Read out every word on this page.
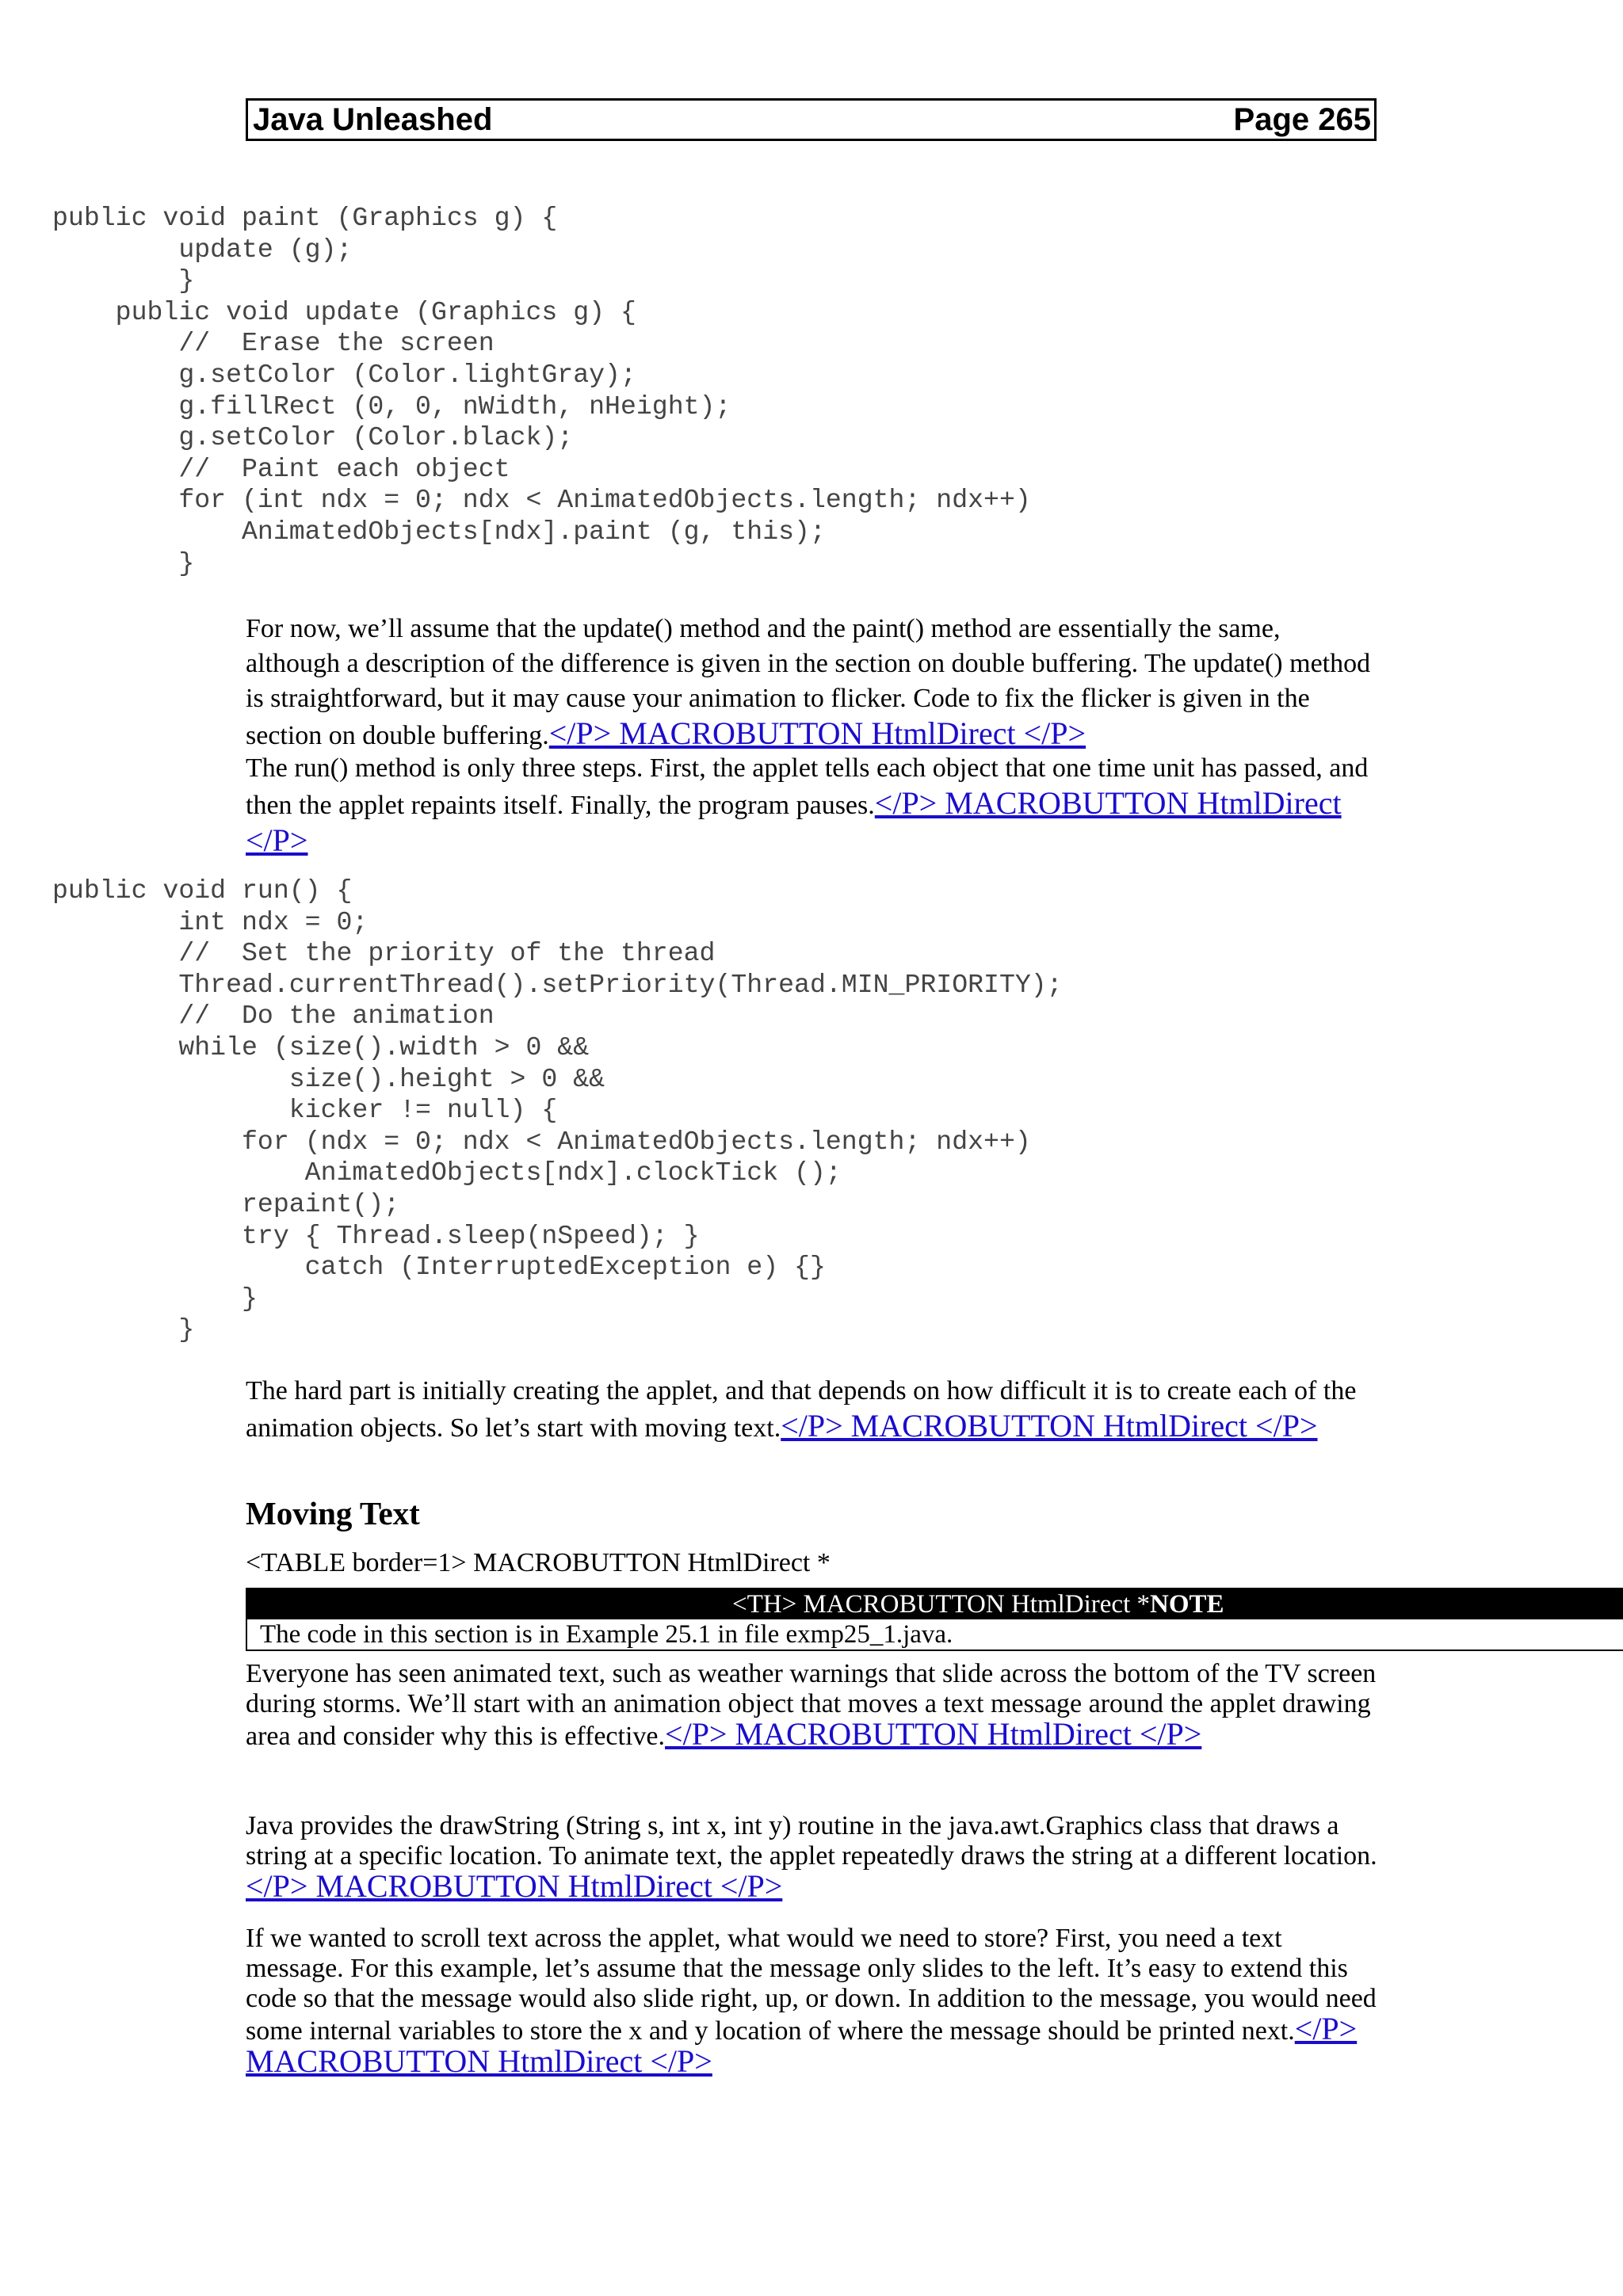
Java Unleashed	Page 265
public void paint (Graphics g) {
update (g);
}
public void update (Graphics g) {
//  Erase the screen
g.setColor (Color.lightGray);
g.fillRect (0, 0, nWidth, nHeight);
g.setColor (Color.black);
//  Paint each object
for (int ndx = 0; ndx < AnimatedObjects.length; ndx++)
AnimatedObjects[ndx].paint (g, this);
}

For now, we’ll assume that the update() method and the paint() method are essentially the same, although a description of the difference is given in the section on double buffering. The update() method is straightforward, but it may cause your animation to flicker. Code to fix the flicker is given in the section on double buffering.</P> MACROBUTTON HtmlDirect </P>

The run() method is only three steps. First, the applet tells each object that one time unit has passed, and then the applet repaints itself. Finally, the program pauses.</P> MACROBUTTON HtmlDirect </P>

public void run() {
int ndx = 0;
//  Set the priority of the thread
Thread.currentThread().setPriority(Thread.MIN_PRIORITY);
//  Do the animation
while (size().width > 0 &&
size().height > 0 &&
kicker != null) {
for (ndx = 0; ndx < AnimatedObjects.length; ndx++)
AnimatedObjects[ndx].clockTick ();
repaint();
try { Thread.sleep(nSpeed); }
catch (InterruptedException e) {}
}
}

The hard part is initially creating the applet, and that depends on how difficult it is to create each of the animation objects. So let’s start with moving text.</P> MACROBUTTON HtmlDirect </P>

Moving Text

<TABLE border=1> MACROBUTTON HtmlDirect *

<TH> MACROBUTTON HtmlDirect *NOTE
The code in this section is in Example 25.1 in file exmp25_1.java.

Everyone has seen animated text, such as weather warnings that slide across the bottom of the TV screen during storms. We’ll start with an animation object that moves a text message around the applet drawing area and consider why this is effective.</P> MACROBUTTON HtmlDirect </P>

Java provides the drawString (String s, int x, int y) routine in the java.awt.Graphics class that draws a string at a specific location. To animate text, the applet repeatedly draws the string at a different location.</P> MACROBUTTON HtmlDirect </P>

If we wanted to scroll text across the applet, what would we need to store? First, you need a text message. For this example, let’s assume that the message only slides to the left. It’s easy to extend this code so that the message would also slide right, up, or down. In addition to the message, you would need some internal variables to store the x and y location of where the message should be printed next.</P> MACROBUTTON HtmlDirect </P>
